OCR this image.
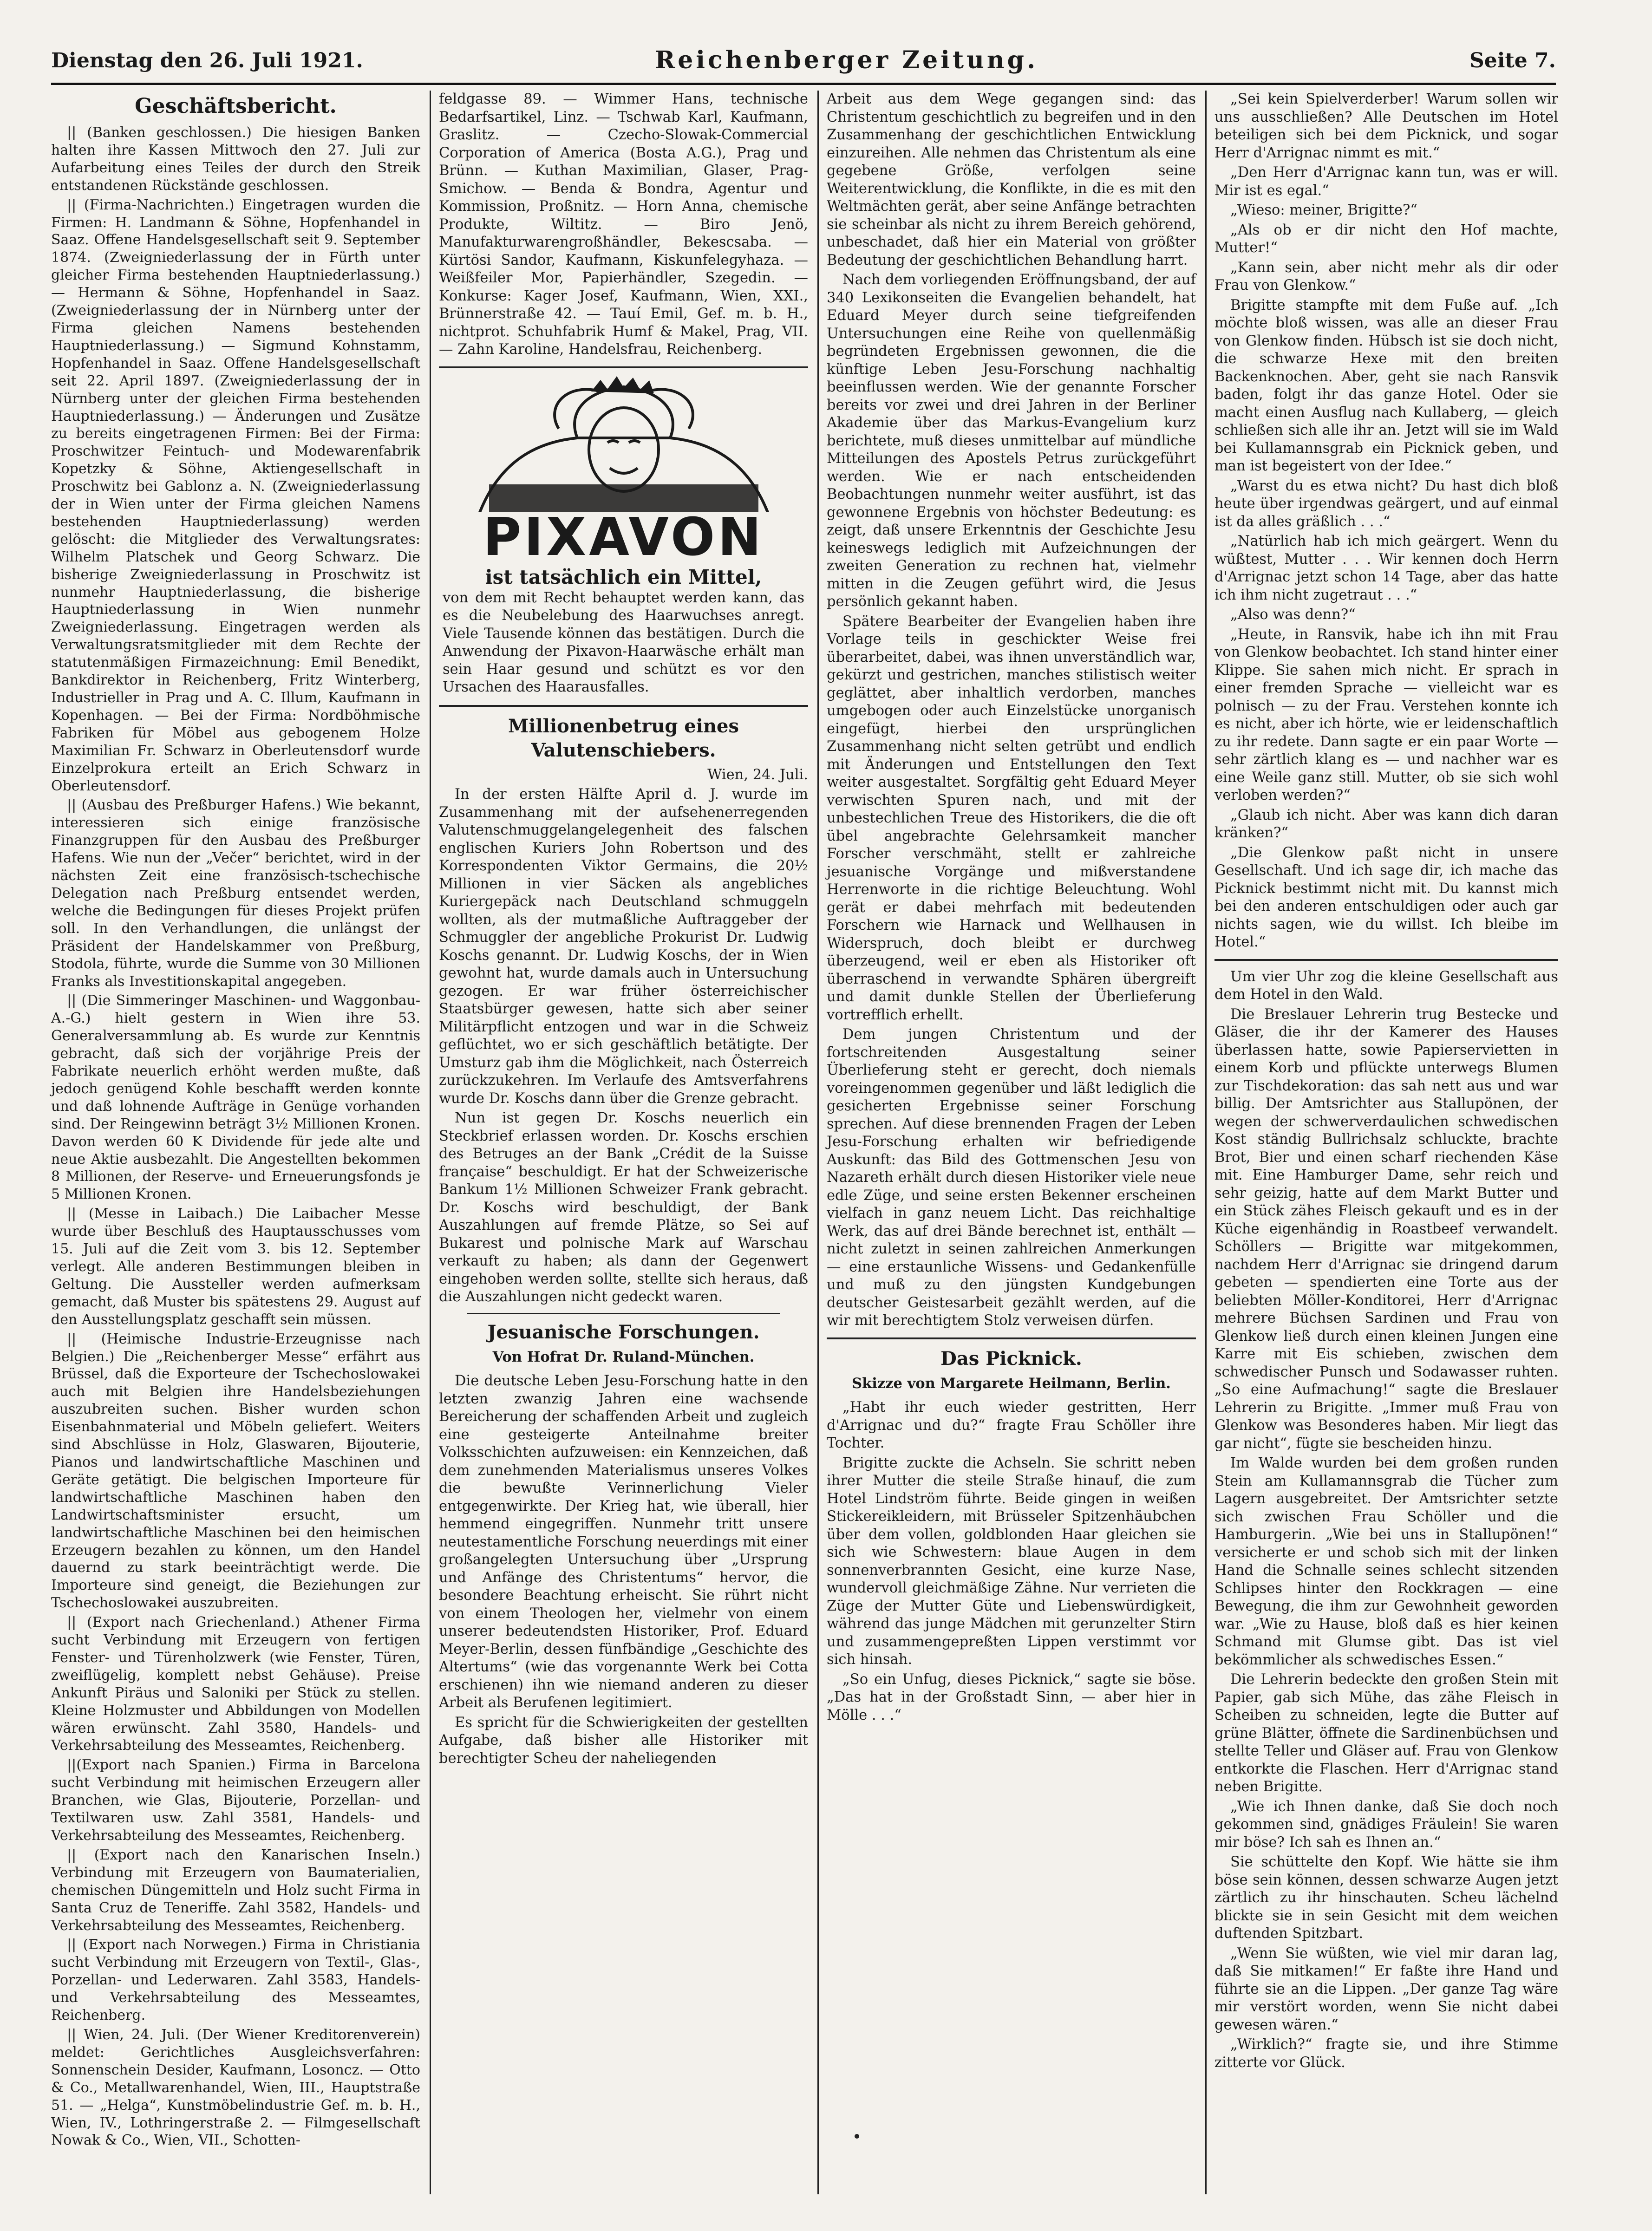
Dienstag den 26. Juli 1921.	Reichenberger Zeitung.	Seite 7.
Geschäftsbericht.

|| (Banken geschlossen.) Die hiesigen Banken halten ihre Kassen Mittwoch den 27. Juli zur Aufarbeitung eines Teiles der durch den Streik entstandenen Rückstände geschlossen.

|| (Firma-Nachrichten.) Eingetragen wurden die Firmen: H. Landmann & Söhne, Hopfenhandel in Saaz. Offene Handelsgesellschaft seit 9. September 1874. (Zweigniederlassung der in Fürth unter gleicher Firma bestehenden Hauptniederlassung.) — Hermann & Söhne, Hopfenhandel in Saaz. (Zweigniederlassung der in Nürnberg unter der Firma gleichen Namens bestehenden Hauptniederlassung.) — Sigmund Kohnstamm, Hopfenhandel in Saaz. Offene Handelsgesellschaft seit 22. April 1897. (Zweigniederlassung der in Nürnberg unter der gleichen Firma bestehenden Hauptniederlassung.) — Änderungen und Zusätze zu bereits eingetragenen Firmen: Bei der Firma: Proschwitzer Feintuch- und Modewarenfabrik Kopetzky & Söhne, Aktiengesellschaft in Proschwitz bei Gablonz a. N. (Zweigniederlassung der in Wien unter der Firma gleichen Namens bestehenden Hauptniederlassung) werden gelöscht: die Mitglieder des Verwaltungsrates: Wilhelm Platschek und Georg Schwarz. Die bisherige Zweigniederlassung in Proschwitz ist nunmehr Hauptniederlassung, die bisherige Hauptniederlassung in Wien nunmehr Zweigniederlassung. Eingetragen werden als Verwaltungsratsmitglieder mit dem Rechte der statutenmäßigen Firmazeichnung: Emil Benedikt, Bankdirektor in Reichenberg, Fritz Winterberg, Industrieller in Prag und A. C. Illum, Kaufmann in Kopenhagen. — Bei der Firma: Nordböhmische Fabriken für Möbel aus gebogenem Holze Maximilian Fr. Schwarz in Oberleutensdorf wurde Einzelprokura erteilt an Erich Schwarz in Oberleutensdorf.

|| (Ausbau des Preßburger Hafens.) Wie bekannt, interessieren sich einige französische Finanzgruppen für den Ausbau des Preßburger Hafens. Wie nun der „Večer“ berichtet, wird in der nächsten Zeit eine französisch-tschechische Delegation nach Preßburg entsendet werden, welche die Bedingungen für dieses Projekt prüfen soll. In den Verhandlungen, die unlängst der Präsident der Handelskammer von Preßburg, Stodola, führte, wurde die Summe von 30 Millionen Franks als Investitionskapital angegeben.

|| (Die Simmeringer Maschinen- und Waggonbau-A.-G.) hielt gestern in Wien ihre 53. Generalversammlung ab. Es wurde zur Kenntnis gebracht, daß sich der vorjährige Preis der Fabrikate neuerlich erhöht werden mußte, daß jedoch genügend Kohle beschafft werden konnte und daß lohnende Aufträge in Genüge vorhanden sind. Der Reingewinn beträgt 3½ Millionen Kronen. Davon werden 60 K Dividende für jede alte und neue Aktie ausbezahlt. Die Angestellten bekommen 8 Millionen, der Reserve- und Erneuerungsfonds je 5 Millionen Kronen.

|| (Messe in Laibach.) Die Laibacher Messe wurde über Beschluß des Hauptausschusses vom 15. Juli auf die Zeit vom 3. bis 12. September verlegt. Alle anderen Bestimmungen bleiben in Geltung. Die Aussteller werden aufmerksam gemacht, daß Muster bis spätestens 29. August auf den Ausstellungsplatz geschafft sein müssen.

|| (Heimische Industrie-Erzeugnisse nach Belgien.) Die „Reichenberger Messe“ erfährt aus Brüssel, daß die Exporteure der Tschechoslowakei auch mit Belgien ihre Handelsbeziehungen auszubreiten suchen. Bisher wurden schon Eisenbahnmaterial und Möbeln geliefert. Weiters sind Abschlüsse in Holz, Glaswaren, Bijouterie, Pianos und landwirtschaftliche Maschinen und Geräte getätigt. Die belgischen Importeure für landwirtschaftliche Maschinen haben den Landwirtschaftsminister ersucht, um landwirtschaftliche Maschinen bei den heimischen Erzeugern bezahlen zu können, um den Handel dauernd zu stark beeinträchtigt werde. Die Importeure sind geneigt, die Beziehungen zur Tschechoslowakei auszubreiten.

|| (Export nach Griechenland.) Athener Firma sucht Verbindung mit Erzeugern von fertigen Fenster- und Türenholzwerk (wie Fenster, Türen, zweiflügelig, komplett nebst Gehäuse). Preise Ankunft Piräus und Saloniki per Stück zu stellen. Kleine Holzmuster und Abbildungen von Modellen wären erwünscht. Zahl 3580, Handels- und Verkehrsabteilung des Messeamtes, Reichenberg.

||(Export nach Spanien.) Firma in Barcelona sucht Verbindung mit heimischen Erzeugern aller Branchen, wie Glas, Bijouterie, Porzellan- und Textilwaren usw. Zahl 3581, Handels- und Verkehrsabteilung des Messeamtes, Reichenberg.

|| (Export nach den Kanarischen Inseln.) Verbindung mit Erzeugern von Baumaterialien, chemischen Düngemitteln und Holz sucht Firma in Santa Cruz de Teneriffe. Zahl 3582, Handels- und Verkehrsabteilung des Messeamtes, Reichenberg.

|| (Export nach Norwegen.) Firma in Christiania sucht Verbindung mit Erzeugern von Textil-, Glas-, Porzellan- und Lederwaren. Zahl 3583, Handels- und Verkehrsabteilung des Messeamtes, Reichenberg.

|| Wien, 24. Juli. (Der Wiener Kreditorenverein) meldet: Gerichtliches Ausgleichsverfahren: Sonnenschein Desider, Kaufmann, Losoncz. — Otto & Co., Metallwarenhandel, Wien, III., Hauptstraße 51. — „Helga“, Kunstmöbelindustrie Gef. m. b. H., Wien, IV., Lothringerstraße 2. — Filmgesellschaft Nowak & Co., Wien, VII., Schotten-

feldgasse 89. — Wimmer Hans, technische Bedarfsartikel, Linz. — Tschwab Karl, Kaufmann, Graslitz. — Czecho-Slowak-Commercial Corporation of America (Bosta A.G.), Prag und Brünn. — Kuthan Maximilian, Glaser, Prag-Smichow. — Benda & Bondra, Agentur und Kommission, Proßnitz. — Horn Anna, chemische Produkte, Wiltitz. — Biro Jenö, Manufakturwarengroßhändler, Bekescsaba. — Kürtösi Sandor, Kaufmann, Kiskunfelegyhaza. — Weißfeiler Mor, Papierhändler, Szegedin. — Konkurse: Kager Josef, Kaufmann, Wien, XXI., Brünnerstraße 42. — Tauí Emil, Gef. m. b. H., nichtprot. Schuhfabrik Humf & Makel, Prag, VII. — Zahn Karoline, Handelsfrau, Reichenberg.

PIXAVON
ist tatsächlich ein Mittel,
von dem mit Recht behauptet werden kann, das es die Neubelebung des Haarwuchses anregt. Viele Tausende können das bestätigen. Durch die Anwendung der Pixavon-Haarwäsche erhält man sein Haar gesund und schützt es vor den Ursachen des Haarausfalles.
Millionenbetrug eines Valutenschiebers.

Wien, 24. Juli.

In der ersten Hälfte April d. J. wurde im Zusammenhang mit der aufsehenerregenden Valutenschmuggelangelegenheit des falschen englischen Kuriers John Robertson und des Korrespondenten Viktor Germains, die 20½ Millionen in vier Säcken als angebliches Kuriergepäck nach Deutschland schmuggeln wollten, als der mutmaßliche Auftraggeber der Schmuggler der angebliche Prokurist Dr. Ludwig Koschs genannt. Dr. Ludwig Koschs, der in Wien gewohnt hat, wurde damals auch in Untersuchung gezogen. Er war früher österreichischer Staatsbürger gewesen, hatte sich aber seiner Militärpflicht entzogen und war in die Schweiz geflüchtet, wo er sich geschäftlich betätigte. Der Umsturz gab ihm die Möglichkeit, nach Österreich zurückzukehren. Im Verlaufe des Amtsverfahrens wurde Dr. Koschs dann über die Grenze gebracht.

Nun ist gegen Dr. Koschs neuerlich ein Steckbrief erlassen worden. Dr. Koschs erschien des Betruges an der Bank „Crédit de la Suisse française“ beschuldigt. Er hat der Schweizerische Bankum 1½ Millionen Schweizer Frank gebracht. Dr. Koschs wird beschuldigt, der Bank Auszahlungen auf fremde Plätze, so Sei auf Bukarest und polnische Mark auf Warschau verkauft zu haben; als dann der Gegenwert eingehoben werden sollte, stellte sich heraus, daß die Auszahlungen nicht gedeckt waren.

Jesuanische Forschungen.

Von Hofrat Dr. Ruland-München.

Die deutsche Leben Jesu-Forschung hatte in den letzten zwanzig Jahren eine wachsende Bereicherung der schaffenden Arbeit und zugleich eine gesteigerte Anteilnahme breiter Volksschichten aufzuweisen: ein Kennzeichen, daß dem zunehmenden Materialismus unseres Volkes die bewußte Verinnerlichung Vieler entgegenwirkte. Der Krieg hat, wie überall, hier hemmend eingegriffen. Nunmehr tritt unsere neutestamentliche Forschung neuerdings mit einer großangelegten Untersuchung über „Ursprung und Anfänge des Christentums“ hervor, die besondere Beachtung erheischt. Sie rührt nicht von einem Theologen her, vielmehr von einem unserer bedeutendsten Historiker, Prof. Eduard Meyer-Berlin, dessen fünfbändige „Geschichte des Altertums“ (wie das vorgenannte Werk bei Cotta erschienen) ihn wie niemand anderen zu dieser Arbeit als Berufenen legitimiert.

Es spricht für die Schwierigkeiten der gestellten Aufgabe, daß bisher alle Historiker mit berechtigter Scheu der naheliegenden

Arbeit aus dem Wege gegangen sind: das Christentum geschichtlich zu begreifen und in den Zusammenhang der geschichtlichen Entwicklung einzureihen. Alle nehmen das Christentum als eine gegebene Größe, verfolgen seine Weiterentwicklung, die Konflikte, in die es mit den Weltmächten gerät, aber seine Anfänge betrachten sie scheinbar als nicht zu ihrem Bereich gehörend, unbeschadet, daß hier ein Material von größter Bedeutung der geschichtlichen Behandlung harrt.

Nach dem vorliegenden Eröffnungsband, der auf 340 Lexikonseiten die Evangelien behandelt, hat Eduard Meyer durch seine tiefgreifenden Untersuchungen eine Reihe von quellenmäßig begründeten Ergebnissen gewonnen, die die künftige Leben Jesu-Forschung nachhaltig beeinflussen werden. Wie der genannte Forscher bereits vor zwei und drei Jahren in der Berliner Akademie über das Markus-Evangelium kurz berichtete, muß dieses unmittelbar auf mündliche Mitteilungen des Apostels Petrus zurückgeführt werden. Wie er nach entscheidenden Beobachtungen nunmehr weiter ausführt, ist das gewonnene Ergebnis von höchster Bedeutung: es zeigt, daß unsere Erkenntnis der Geschichte Jesu keineswegs lediglich mit Aufzeichnungen der zweiten Generation zu rechnen hat, vielmehr mitten in die Zeugen geführt wird, die Jesus persönlich gekannt haben.

Spätere Bearbeiter der Evangelien haben ihre Vorlage teils in geschickter Weise frei überarbeitet, dabei, was ihnen unverständlich war, gekürzt und gestrichen, manches stilistisch weiter geglättet, aber inhaltlich verdorben, manches umgebogen oder auch Einzelstücke unorganisch eingefügt, hierbei den ursprünglichen Zusammenhang nicht selten getrübt und endlich mit Änderungen und Entstellungen den Text weiter ausgestaltet. Sorgfältig geht Eduard Meyer verwischten Spuren nach, und mit der unbestechlichen Treue des Historikers, die die oft übel angebrachte Gelehrsamkeit mancher Forscher verschmäht, stellt er zahlreiche jesuanische Vorgänge und mißverstandene Herrenworte in die richtige Beleuchtung. Wohl gerät er dabei mehrfach mit bedeutenden Forschern wie Harnack und Wellhausen in Widerspruch, doch bleibt er durchweg überzeugend, weil er eben als Historiker oft überraschend in verwandte Sphären übergreift und damit dunkle Stellen der Überlieferung vortrefflich erhellt.

Dem jungen Christentum und der fortschreitenden Ausgestaltung seiner Überlieferung steht er gerecht, doch niemals voreingenommen gegenüber und läßt lediglich die gesicherten Ergebnisse seiner Forschung sprechen. Auf diese brennenden Fragen der Leben Jesu-Forschung erhalten wir befriedigende Auskunft: das Bild des Gottmenschen Jesu von Nazareth erhält durch diesen Historiker viele neue edle Züge, und seine ersten Bekenner erscheinen vielfach in ganz neuem Licht. Das reichhaltige Werk, das auf drei Bände berechnet ist, enthält — nicht zuletzt in seinen zahlreichen Anmerkungen — eine erstaunliche Wissens- und Gedankenfülle und muß zu den jüngsten Kundgebungen deutscher Geistesarbeit gezählt werden, auf die wir mit berechtigtem Stolz verweisen dürfen.

Das Picknick.

Skizze von Margarete Heilmann, Berlin.

„Habt ihr euch wieder gestritten, Herr d'Arrignac und du?“ fragte Frau Schöller ihre Tochter.

Brigitte zuckte die Achseln. Sie schritt neben ihrer Mutter die steile Straße hinauf, die zum Hotel Lindström führte. Beide gingen in weißen Stickereikleidern, mit Brüsseler Spitzenhäubchen über dem vollen, goldblonden Haar gleichen sie sich wie Schwestern: blaue Augen in dem sonnenverbrannten Gesicht, eine kurze Nase, wundervoll gleichmäßige Zähne. Nur verrieten die Züge der Mutter Güte und Liebenswürdigkeit, während das junge Mädchen mit gerunzelter Stirn und zusammengepreßten Lippen verstimmt vor sich hinsah.

„So ein Unfug, dieses Picknick,“ sagte sie böse. „Das hat in der Großstadt Sinn, — aber hier in Mölle . . .“

„Sei kein Spielverderber! Warum sollen wir uns ausschließen? Alle Deutschen im Hotel beteiligen sich bei dem Picknick, und sogar Herr d'Arrignac nimmt es mit.“

„Den Herr d'Arrignac kann tun, was er will. Mir ist es egal.“

„Wieso: meiner, Brigitte?“

„Als ob er dir nicht den Hof machte, Mutter!“

„Kann sein, aber nicht mehr als dir oder Frau von Glenkow.“

Brigitte stampfte mit dem Fuße auf. „Ich möchte bloß wissen, was alle an dieser Frau von Glenkow finden. Hübsch ist sie doch nicht, die schwarze Hexe mit den breiten Backenknochen. Aber, geht sie nach Ransvik baden, folgt ihr das ganze Hotel. Oder sie macht einen Ausflug nach Kullaberg, — gleich schließen sich alle ihr an. Jetzt will sie im Wald bei Kullamannsgrab ein Picknick geben, und man ist begeistert von der Idee.“

„Warst du es etwa nicht? Du hast dich bloß heute über irgendwas geärgert, und auf einmal ist da alles gräßlich . . .“

„Natürlich hab ich mich geärgert. Wenn du wüßtest, Mutter . . . Wir kennen doch Herrn d'Arrignac jetzt schon 14 Tage, aber das hatte ich ihm nicht zugetraut . . .“

„Also was denn?“

„Heute, in Ransvik, habe ich ihn mit Frau von Glenkow beobachtet. Ich stand hinter einer Klippe. Sie sahen mich nicht. Er sprach in einer fremden Sprache — vielleicht war es polnisch — zu der Frau. Verstehen konnte ich es nicht, aber ich hörte, wie er leidenschaftlich zu ihr redete. Dann sagte er ein paar Worte — sehr zärtlich klang es — und nachher war es eine Weile ganz still. Mutter, ob sie sich wohl verloben werden?“

„Glaub ich nicht. Aber was kann dich daran kränken?“

„Die Glenkow paßt nicht in unsere Gesellschaft. Und ich sage dir, ich mache das Picknick bestimmt nicht mit. Du kannst mich bei den anderen entschuldigen oder auch gar nichts sagen, wie du willst. Ich bleibe im Hotel.“

Um vier Uhr zog die kleine Gesellschaft aus dem Hotel in den Wald.

Die Breslauer Lehrerin trug Bestecke und Gläser, die ihr der Kamerer des Hauses überlassen hatte, sowie Papierservietten in einem Korb und pflückte unterwegs Blumen zur Tischdekoration: das sah nett aus und war billig. Der Amtsrichter aus Stallupönen, der wegen der schwerverdaulichen schwedischen Kost ständig Bullrichsalz schluckte, brachte Brot, Bier und einen scharf riechenden Käse mit. Eine Hamburger Dame, sehr reich und sehr geizig, hatte auf dem Markt Butter und ein Stück zähes Fleisch gekauft und es in der Küche eigenhändig in Roastbeef verwandelt. Schöllers — Brigitte war mitgekommen, nachdem Herr d'Arrignac sie dringend darum gebeten — spendierten eine Torte aus der beliebten Möller-Konditorei, Herr d'Arrignac mehrere Büchsen Sardinen und Frau von Glenkow ließ durch einen kleinen Jungen eine Karre mit Eis schieben, zwischen dem schwedischer Punsch und Sodawasser ruhten. „So eine Aufmachung!“ sagte die Breslauer Lehrerin zu Brigitte. „Immer muß Frau von Glenkow was Besonderes haben. Mir liegt das gar nicht“, fügte sie bescheiden hinzu.

Im Walde wurden bei dem großen runden Stein am Kullamannsgrab die Tücher zum Lagern ausgebreitet. Der Amtsrichter setzte sich zwischen Frau Schöller und die Hamburgerin. „Wie bei uns in Stallupönen!“ versicherte er und schob sich mit der linken Hand die Schnalle seines schlecht sitzenden Schlipses hinter den Rockkragen — eine Bewegung, die ihm zur Gewohnheit geworden war. „Wie zu Hause, bloß daß es hier keinen Schmand mit Glumse gibt. Das ist viel bekömmlicher als schwedisches Essen.“

Die Lehrerin bedeckte den großen Stein mit Papier, gab sich Mühe, das zähe Fleisch in Scheiben zu schneiden, legte die Butter auf grüne Blätter, öffnete die Sardinenbüchsen und stellte Teller und Gläser auf. Frau von Glenkow entkorkte die Flaschen. Herr d'Arrignac stand neben Brigitte.

„Wie ich Ihnen danke, daß Sie doch noch gekommen sind, gnädiges Fräulein! Sie waren mir böse? Ich sah es Ihnen an.“

Sie schüttelte den Kopf. Wie hätte sie ihm böse sein können, dessen schwarze Augen jetzt zärtlich zu ihr hinschauten. Scheu lächelnd blickte sie in sein Gesicht mit dem weichen duftenden Spitzbart.

„Wenn Sie wüßten, wie viel mir daran lag, daß Sie mitkamen!“ Er faßte ihre Hand und führte sie an die Lippen. „Der ganze Tag wäre mir verstört worden, wenn Sie nicht dabei gewesen wären.“

„Wirklich?“ fragte sie, und ihre Stimme zitterte vor Glück.
